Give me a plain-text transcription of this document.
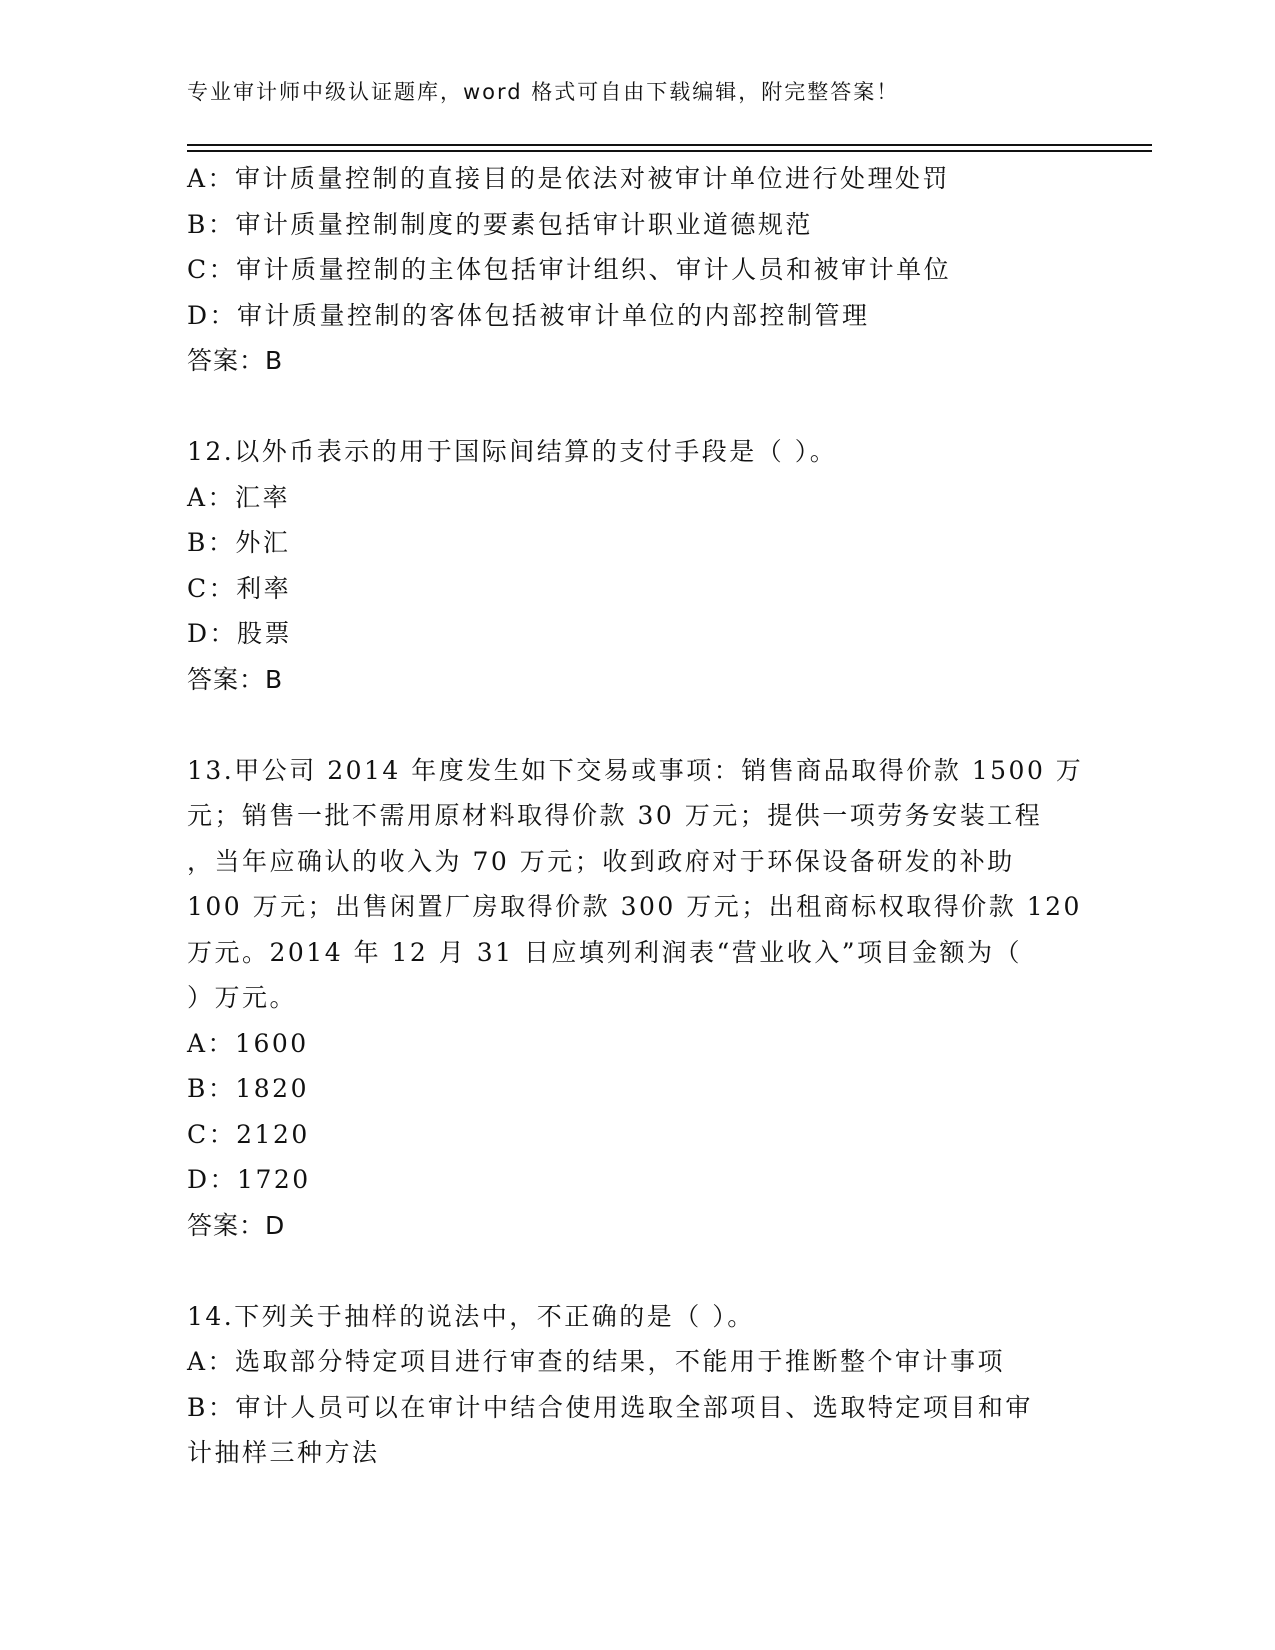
专业审计师中级认证题库，word 格式可自由下载编辑，附完整答案！

A：审计质量控制的直接目的是依法对被审计单位进行处理处罚

B：审计质量控制制度的要素包括审计职业道德规范

C：审计质量控制的主体包括审计组织、审计人员和被审计单位

D：审计质量控制的客体包括被审计单位的内部控制管理

答案：B

12.以外币表示的用于国际间结算的支付手段是（ ）。

A：汇率

B：外汇

C：利率

D：股票

答案：B

13.甲公司 2014 年度发生如下交易或事项：销售商品取得价款 1500 万

元；销售一批不需用原材料取得价款 30 万元；提供一项劳务安装工程

，当年应确认的收入为 70 万元；收到政府对于环保设备研发的补助

100 万元；出售闲置厂房取得价款 300 万元；出租商标权取得价款 120

万元。2014 年 12 月 31 日应填列利润表“营业收入”项目金额为（

）万元。

A：1600

B：1820

C：2120

D：1720

答案：D

14.下列关于抽样的说法中，不正确的是（ ）。

A：选取部分特定项目进行审查的结果，不能用于推断整个审计事项

B：审计人员可以在审计中结合使用选取全部项目、选取特定项目和审

计抽样三种方法
